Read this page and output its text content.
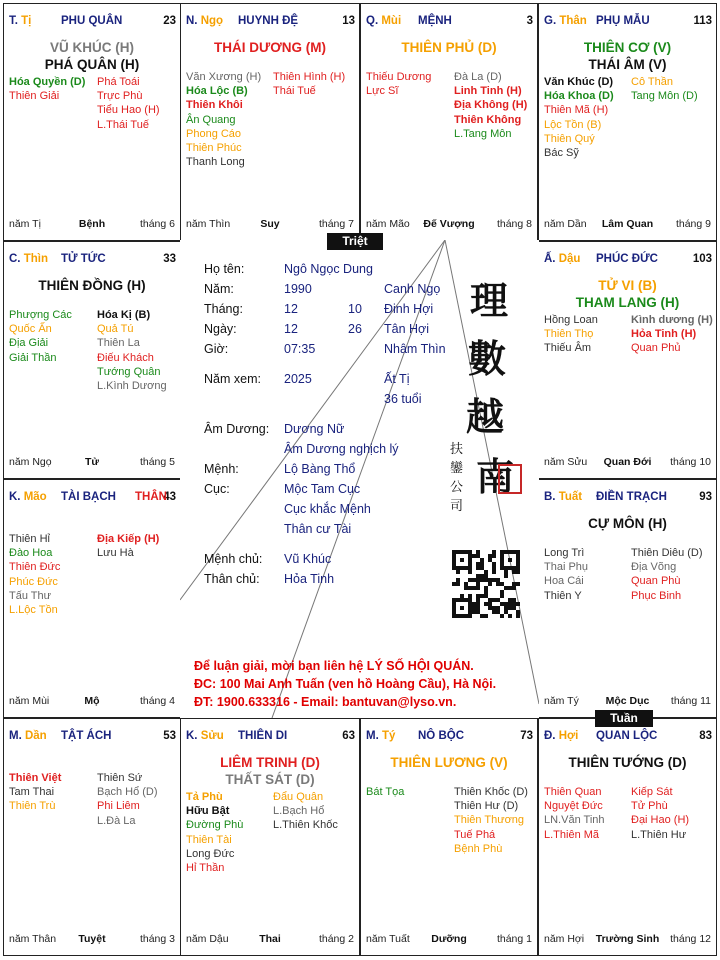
T. Tị	PHU QUÂN	23
VŨ KHÚC (H)
PHÁ QUÂN (H)
Hóa Quyền (D)
Thiên Giải
Phá Toái
Trực Phù
Tiểu Hao (H)
L.Thái Tuế
năm Tị	Bệnh	tháng 6
N. Ngọ HUYNH ĐỆ	13
THÁI DƯƠNG (M)
Văn Xương (H)
Hóa Lộc (B)
Thiên Khôi
Ân Quang
Phong Cáo
Thiên Phúc
Thanh Long
Thiên Hình (H)
Thái Tuế
năm Thìn	Suy	tháng 7
Q. Mùi MỆNH	3
THIÊN PHỦ (D)
Thiếu Dương
Lực Sĩ
Đà La (D)
Linh Tinh (H)
Địa Không (H)
Thiên Không
L.Tang Môn
năm Mão	Đế Vượng	tháng 8
G. Thân PHỤ MẪU	113
THIÊN CƠ (V)
THÁI ÂM (V)
Văn Khúc (D)
Hóa Khoa (D)
Thiên Mã (H)
Lộc Tồn (B)
Thiên Quý
Bác Sỹ
Cô Thần
Tang Môn (D)
năm Dần	Lâm Quan	tháng 9
C. Thìn TỬ TỨC	33
THIÊN ĐỒNG (H)
Phượng Các
Quốc Ấn
Địa Giải
Giải Thần
Hóa Kị (B)
Quả Tú
Thiên La
Điếu Khách
Tướng Quân
L.Kình Dương
năm Ngọ	Tử	tháng 5
Ấ. Dậu PHÚC ĐỨC	103
TỬ VI (B)
THAM LANG (H)
Hồng Loan
Thiên Thọ
Thiếu Âm
Kình dương (H)
Hỏa Tinh (H)
Quan Phủ
năm Sửu	Quan Đới	tháng 10
K. Mão TÀI BẠCH	43
THÂN
Thiên Hỉ
Đào Hoa
Thiên Đức
Phúc Đức
Tấu Thư
L.Lộc Tồn
Địa Kiếp (H)
Lưu Hà
năm Mùi	Mộ	tháng 4
B. Tuất ĐIỀN TRẠCH	93
CỰ MÔN (H)
Long Trì
Thai Phụ
Hoa Cái
Thiên Y
Thiên Diêu (D)
Địa Võng
Quan Phù
Phục Binh
năm Tý	Mộc Dục	tháng 11
M. Dần TẬT ÁCH	53
Thiên Việt
Tam Thai
Thiên Trù
Thiên Sứ
Bạch Hổ (D)
Phi Liêm
L.Đà La
năm Thân	Tuyệt	tháng 3
K. Sửu THIÊN DI	63
LIÊM TRINH (D)
THẤT SÁT (D)
Tả Phù
Hữu Bật
Đường Phù
Thiên Tài
Long Đức
Hỉ Thần
Đẩu Quân
L.Bạch Hổ
L.Thiên Khốc
năm Dậu	Thai	tháng 2
M. Tý NÔ BỘC	73
THIÊN LƯƠNG (V)
Bát Tọa	Thiên Khốc (D)
Thiên Hư (D)
Thiên Thương
Tuế Phá
Bệnh Phù
năm Tuất	Dưỡng	tháng 1
Đ. Hợi QUAN LỘC	83
THIÊN TƯỚNG (D)
Thiên Quan
Nguyệt Đức
LN.Văn Tinh
L.Thiên Mã
Kiếp Sát
Tử Phù
Đại Hao (H)
L.Thiên Hư
năm Hợi	Trường Sinh	tháng 12
Họ tên:	Ngô Ngọc Dung
Năm:	1990	Canh Ngọ
Tháng:	12	10 Đinh Hợi
Ngày:	12	26 Tân Hợi
Giờ:	07:35	Nhâm Thìn
Năm xem: 2025	Ất Tị
36 tuổi
Âm Dương: Dương Nữ
Âm Dương nghịch lý
Mệnh:	Lộ Bàng Thổ
Cục:	Mộc Tam Cục
Cục khắc Mệnh
Thân cư Tài
Mệnh chủ: Vũ Khúc
Thân chủ: Hỏa Tinh
理
數
越
南
扶
鑾
公
司
Để luận giải, mời bạn liên hệ LÝ SỐ HỘI QUÁN.
ĐC: 100 Mai Anh Tuấn (ven hồ Hoàng Cầu), Hà Nội.
ĐT: 1900.633316 - Email: bantuvan@lyso.vn.
Triệt
Tuần
